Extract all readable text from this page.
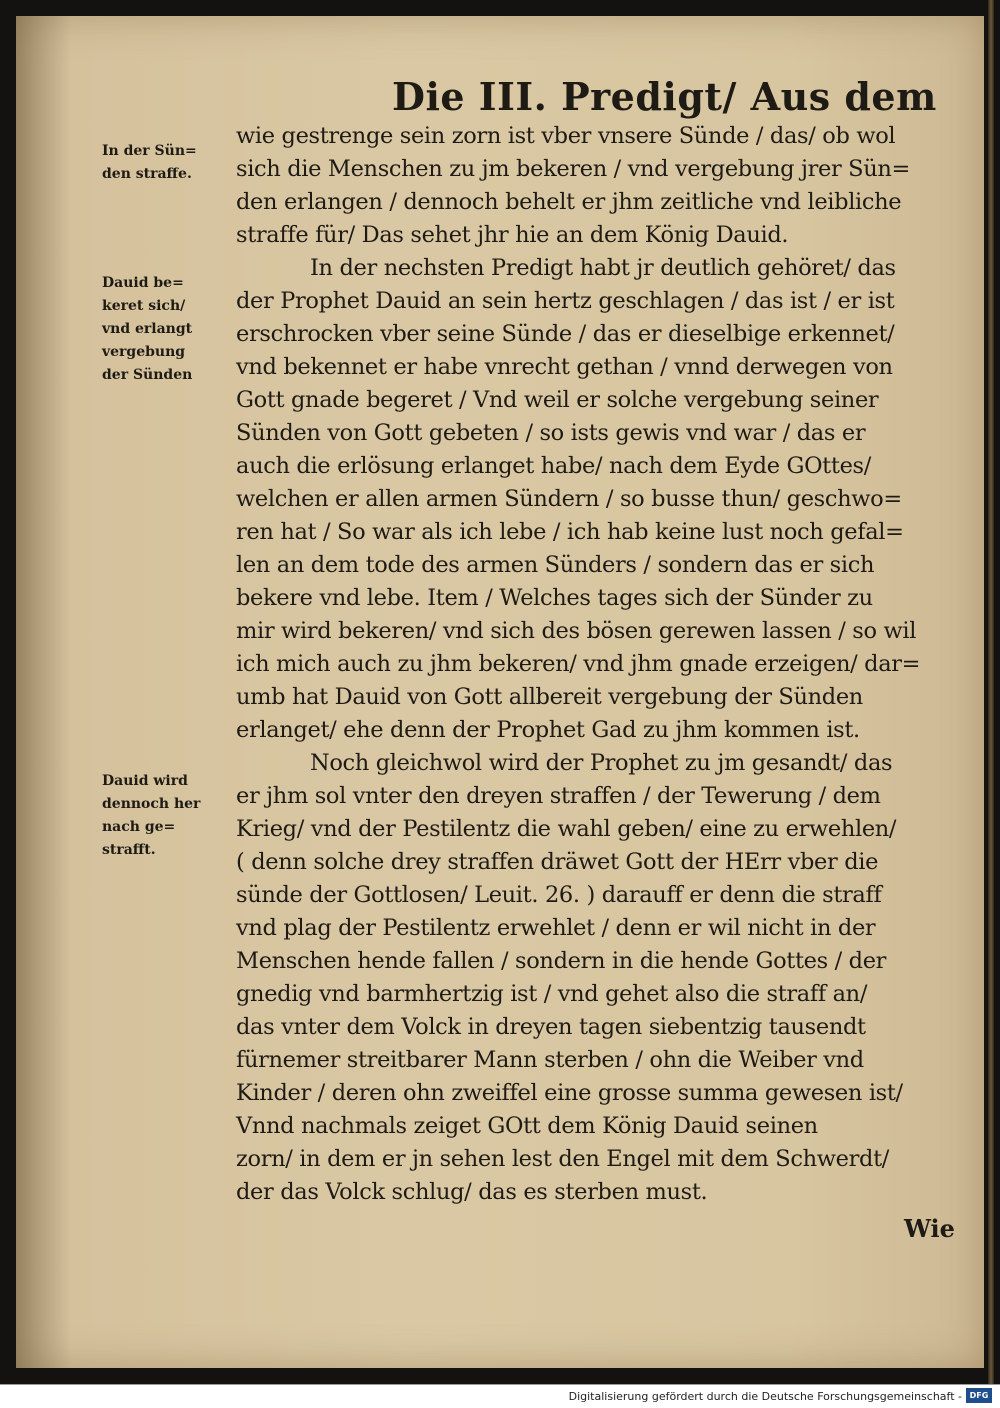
Die III. Predigt/ Aus dem
In der Sün=
den straffe.
Dauid be=
keret sich/
vnd erlangt
vergebung
der Sünden
Dauid wird
dennoch her
nach ge=
strafft.
wie gestrenge sein zorn ist vber vnsere Sünde / das/ ob wol
sich die Menschen zu jm bekeren / vnd vergebung jrer Sün=
den erlangen / dennoch behelt er jhm zeitliche vnd leibliche
straffe für/ Das sehet jhr hie an dem König Dauid.
In der nechsten Predigt habt jr deutlich gehöret/ das
der Prophet Dauid an sein hertz geschlagen / das ist / er ist
erschrocken vber seine Sünde / das er dieselbige erkennet/
vnd bekennet er habe vnrecht gethan / vnnd derwegen von
Gott gnade begeret / Vnd weil er solche vergebung seiner
Sünden von Gott gebeten / so ists gewis vnd war / das er
auch die erlösung erlanget habe/ nach dem Eyde GOttes/
welchen er allen armen Sündern / so busse thun/ geschwo=
ren hat / So war als ich lebe / ich hab keine lust noch gefal=
len an dem tode des armen Sünders / sondern das er sich
bekere vnd lebe. Item / Welches tages sich der Sünder zu
mir wird bekeren/ vnd sich des bösen gerewen lassen / so wil
ich mich auch zu jhm bekeren/ vnd jhm gnade erzeigen/ dar=
umb hat Dauid von Gott allbereit vergebung der Sünden
erlanget/ ehe denn der Prophet Gad zu jhm kommen ist.
Noch gleichwol wird der Prophet zu jm gesandt/ das
er jhm sol vnter den dreyen straffen / der Tewerung / dem
Krieg/ vnd der Pestilentz die wahl geben/ eine zu erwehlen/
( denn solche drey straffen dräwet Gott der HErr vber die
sünde der Gottlosen/ Leuit. 26. ) darauff er denn die straff
vnd plag der Pestilentz erwehlet / denn er wil nicht in der
Menschen hende fallen / sondern in die hende Gottes / der
gnedig vnd barmhertzig ist / vnd gehet also die straff an/
das vnter dem Volck in dreyen tagen siebentzig tausendt
fürnemer streitbarer Mann sterben / ohn die Weiber vnd
Kinder / deren ohn zweiffel eine grosse summa gewesen ist/
Vnnd nachmals zeiget GOtt dem König Dauid seinen
zorn/ in dem er jn sehen lest den Engel mit dem Schwerdt/
der das Volck schlug/ das es sterben must.
Wie
Digitalisierung gefördert durch die Deutsche Forschungsgemeinschaft - DFG
